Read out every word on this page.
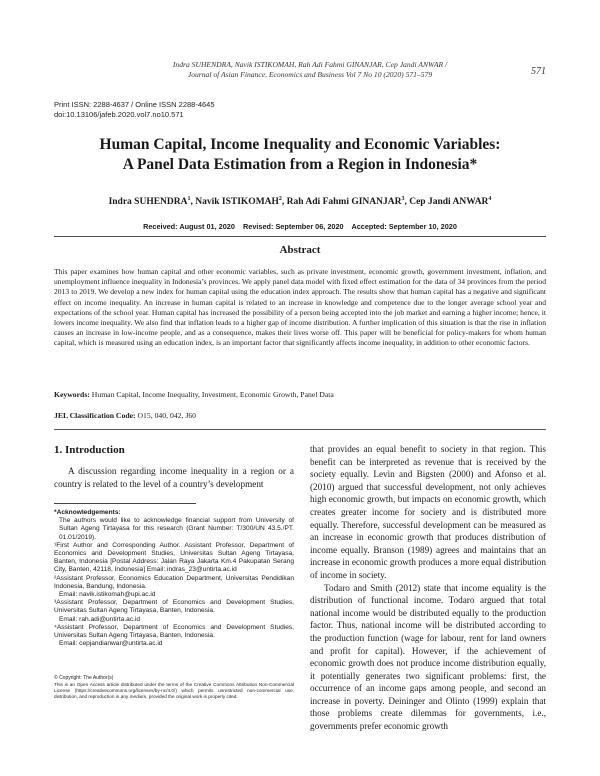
Indra SUHENDRA, Navik ISTIKOMAH, Rah Adi Fahmi GINANJAR, Cep Jandi ANWAR /
Journal of Asian Finance, Economics and Business Vol 7 No 10 (2020) 571–579	571
Print ISSN: 2288-4637 / Online ISSN 2288-4645
doi:10.13106/jafeb.2020.vol7.no10.571
Human Capital, Income Inequality and Economic Variables:
A Panel Data Estimation from a Region in Indonesia*
Indra SUHENDRA$^1$, Navik ISTIKOMAH$^2$, Rah Adi Fahmi GINANJAR$^3$, Cep Jandi ANWAR$^4$
Received: August 01, 2020 Revised: September 06, 2020 Accepted: September 10, 2020
Abstract
This paper examines how human capital and other economic variables, such as private investment, economic growth, government investment, inflation, and unemployment influence inequality in Indonesia’s provinces. We apply panel data model with fixed effect estimation for the data of 34 provinces from the period 2013 to 2019. We develop a new index for human capital using the education index approach. The results show that human capital has a negative and significant effect on income inequality. An increase in human capital is related to an increase in knowledge and competence due to the longer average school year and expectations of the school year. Human capital has increased the possibility of a person being accepted into the job market and earning a higher income; hence, it lowers income inequality. We also find that inflation leads to a higher gap of income distribution. A further implication of this situation is that the rise in inflation causes an increase in low-income people, and as a consequence, makes their lives worse off. This paper will be beneficial for policy-makers for whom human capital, which is measured using an education index, is an important factor that significantly affects income inequality, in addition to other economic factors.
Keywords: Human Capital, Income Inequality, Investment, Economic Growth, Panel Data
JEL Classification Code: O15, 040, 042, J60
1. Introduction
A discussion regarding income inequality in a region or a country is related to the level of a country’s development

that provides an equal benefit to society in that region. This benefit can be interpreted as revenue that is received by the society equally. Levin and Bigsten (2000) and Afonso et al. (2010) argued that successful development, not only achieves high economic growth, but impacts on economic growth, which creates greater income for society and is distributed more equally. Therefore, successful development can be measured as an increase in economic growth that produces distribution of income equally. Branson (1989) agrees and maintains that an increase in economic growth produces a more equal distribution of income in society.

Todaro and Smith (2012) state that income equality is the distribution of functional income. Todaro argued that total national income would be distributed equally to the production factor. Thus, national income will be distributed according to the production function (wage for labour, rent for land owners and profit for capital). However, if the achievement of economic growth does not produce income distribution equally, it potentially generates two significant problems: first, the occurrence of an income gaps among people, and second an increase in poverty. Deininger and Olinto (1999) explain that those problems create dilemmas for governments, i.e., governments prefer economic growth

*Acknowledgements:
The authors would like to acknowledge financial support from University of Sultan Ageng Tirtayasa for this research (Grant Number: T/300/UN 43.5./PT. 01.01/2019).
¹First Author and Corresponding Author. Assistant Professor, Department of Economics and Development Studies, Universitas Sultan Ageng Tirtayasa, Banten, Indonesia [Postal Address: Jalan Raya Jakarta Km.4 Pakupatan Serang City, Banten, 42118, Indonesia] Email: indras_23@untirta.ac.id
²Assistant Professor, Economics Education Department, Universitas Pendidikan Indonesia, Bandung, Indonesia.
Email: navik.istikomah@upi.ac.id
³Assistant Professor, Department of Economics and Development Studies, Universitas Sultan Ageng Tirtayasa, Banten, Indonesia.
Email: rah.adi@untirta.ac.id
⁴Assistant Professor, Department of Economics and Development Studies, Universitas Sultan Ageng Tirtayasa, Banten, Indonesia.
Email: cepjandianwar@untirta.ac.id
© Copyright: The Author(s)
This is an Open Access article distributed under the terms of the Creative Commons Attribution Non-Commercial License (https://creativecommons.org/licenses/by-nc/4.0/) which permits unrestricted non-commercial use, distribution, and reproduction in any medium, provided the original work is properly cited.
